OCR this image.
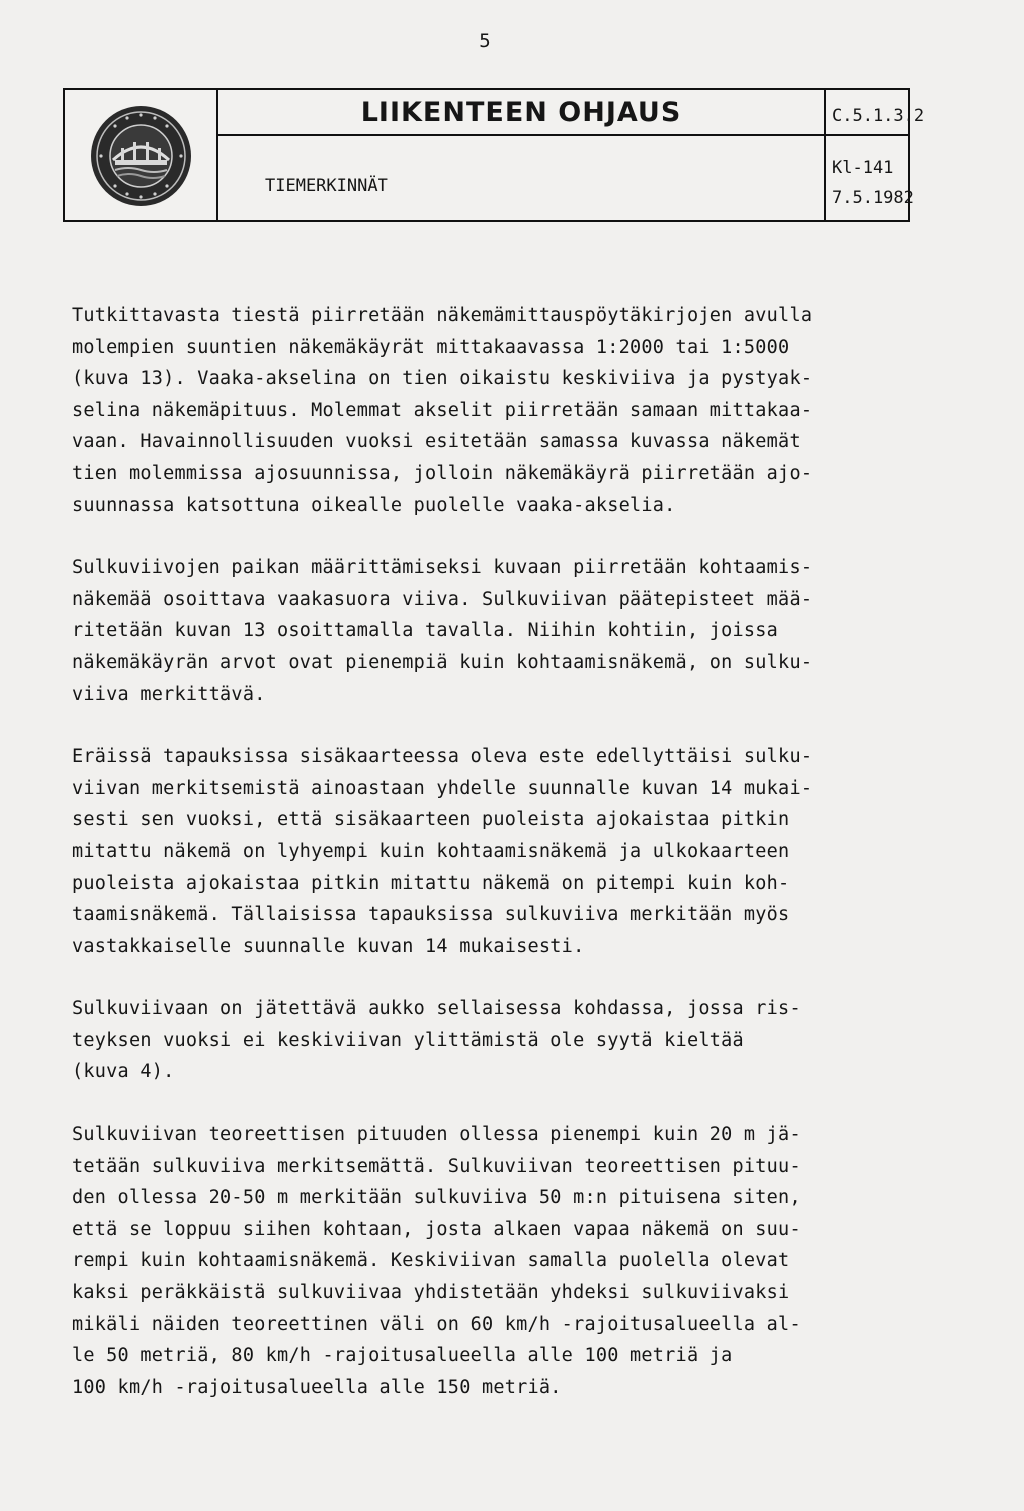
5
LIIKENTEEN OHJAUS
TIEMERKINNÄT
C.5.1.3.2
Kl-141
7.5.1982

Tutkittavasta tiestä piirretään näkemämittauspöytäkirjojen avulla
molempien suuntien näkemäkäyrät mittakaavassa 1:2000 tai 1:5000
(kuva 13). Vaaka-akselina on tien oikaistu keskiviiva ja pystyak-
selina näkemäpituus. Molemmat akselit piirretään samaan mittakaa-
vaan. Havainnollisuuden vuoksi esitetään samassa kuvassa näkemät
tien molemmissa ajosuunnissa, jolloin näkemäkäyrä piirretään ajo-
suunnassa katsottuna oikealle puolelle vaaka-akselia.

Sulkuviivojen paikan määrittämiseksi kuvaan piirretään kohtaamis-
näkemää osoittava vaakasuora viiva. Sulkuviivan päätepisteet mää-
ritetään kuvan 13 osoittamalla tavalla. Niihin kohtiin, joissa
näkemäkäyrän arvot ovat pienempiä kuin kohtaamisnäkemä, on sulku-
viiva merkittävä.

Eräissä tapauksissa sisäkaarteessa oleva este edellyttäisi sulku-
viivan merkitsemistä ainoastaan yhdelle suunnalle kuvan 14 mukai-
sesti sen vuoksi, että sisäkaarteen puoleista ajokaistaa pitkin
mitattu näkemä on lyhyempi kuin kohtaamisnäkemä ja ulkokaarteen
puoleista ajokaistaa pitkin mitattu näkemä on pitempi kuin koh-
taamisnäkemä. Tällaisissa tapauksissa sulkuviiva merkitään myös
vastakkaiselle suunnalle kuvan 14 mukaisesti.

Sulkuviivaan on jätettävä aukko sellaisessa kohdassa, jossa ris-
teyksen vuoksi ei keskiviivan ylittämistä ole syytä kieltää
(kuva 4).

Sulkuviivan teoreettisen pituuden ollessa pienempi kuin 20 m jä-
tetään sulkuviiva merkitsemättä. Sulkuviivan teoreettisen pituu-
den ollessa 20-50 m merkitään sulkuviiva 50 m:n pituisena siten,
että se loppuu siihen kohtaan, josta alkaen vapaa näkemä on suu-
rempi kuin kohtaamisnäkemä. Keskiviivan samalla puolella olevat
kaksi peräkkäistä sulkuviivaa yhdistetään yhdeksi sulkuviivaksi
mikäli näiden teoreettinen väli on 60 km/h -rajoitusalueella al-
le 50 metriä, 80 km/h -rajoitusalueella alle 100 metriä ja
100 km/h -rajoitusalueella alle 150 metriä.
